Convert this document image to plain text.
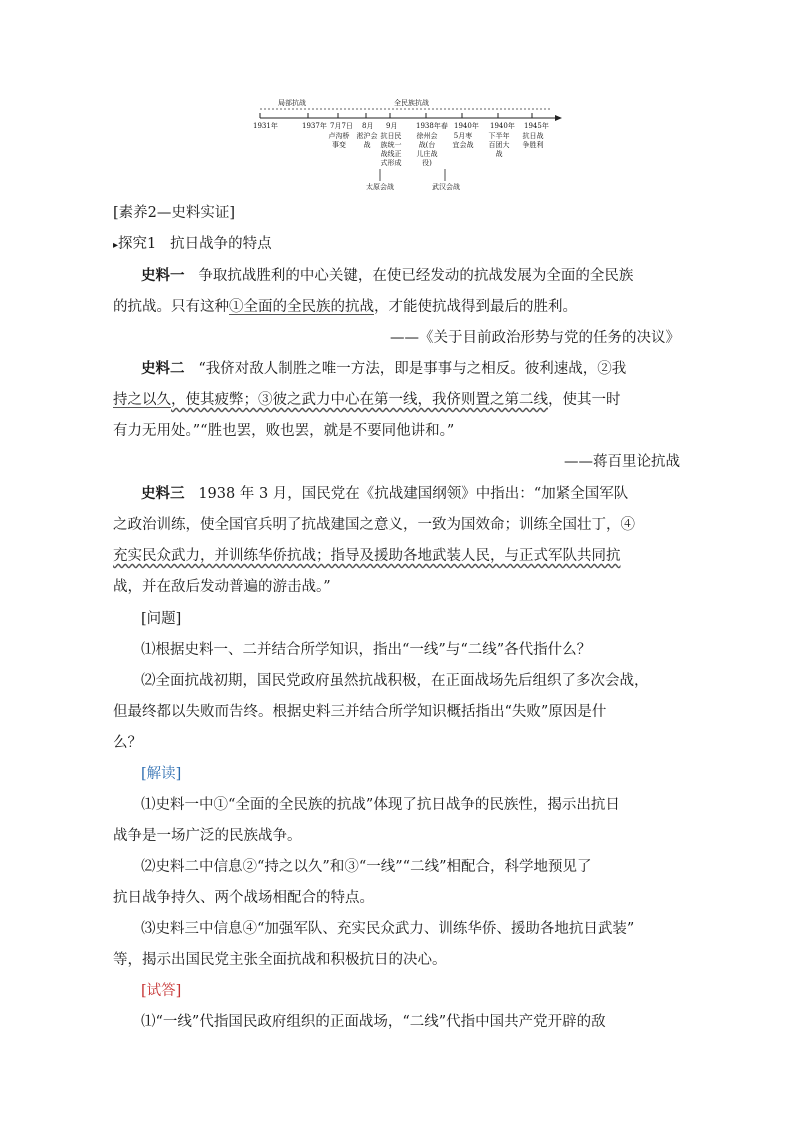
局部抗战	全民族抗战
1931年	1937年 7月7日 8月 9月	1938年春 1940年 1940年 1945年
卢沟桥事变
淞沪会战
抗日民族统一战线正式形成
徐州会战(台儿庄战役)
5月枣宜会战
下半年百团大战
抗日战争胜利
太原会战	武汉会战
[素养2—史料实证]
▸探究1 抗日战争的特点
史料一 争取抗战胜利的中心关键，在使已经发动的抗战发展为全面的全民族
的抗战。只有这种①全面的全民族的抗战，才能使抗战得到最后的胜利。
——《关于目前政治形势与党的任务的决议》
史料二 “我侪对敌人制胜之唯一方法，即是事事与之相反。彼利速战，②我
持之以久，使其疲弊；③彼之武力中心在第一线，我侪则置之第二线，使其一时
有力无用处。”“胜也罢，败也罢，就是不要同他讲和。”
——蒋百里论抗战
史料三 1938 年 3 月，国民党在《抗战建国纲领》中指出：“加紧全国军队
之政治训练，使全国官兵明了抗战建国之意义，一致为国效命；训练全国壮丁，④
充实民众武力，并训练华侨抗战；指导及援助各地武装人民，与正式军队共同抗
战，并在敌后发动普遍的游击战。”
[问题]
⑴根据史料一、二并结合所学知识，指出“一线”与“二线”各代指什么？
⑵全面抗战初期，国民党政府虽然抗战积极，在正面战场先后组织了多次会战，
但最终都以失败而告终。根据史料三并结合所学知识概括指出“失败”原因是什
么？
[解读]
⑴史料一中①“全面的全民族的抗战”体现了抗日战争的民族性，揭示出抗日
战争是一场广泛的民族战争。
⑵史料二中信息②“持之以久”和③“一线”“二线”相配合，科学地预见了
抗日战争持久、两个战场相配合的特点。
⑶史料三中信息④“加强军队、充实民众武力、训练华侨、援助各地抗日武装”
等，揭示出国民党主张全面抗战和积极抗日的决心。
[试答]
⑴“一线”代指国民政府组织的正面战场，“二线”代指中国共产党开辟的敌
